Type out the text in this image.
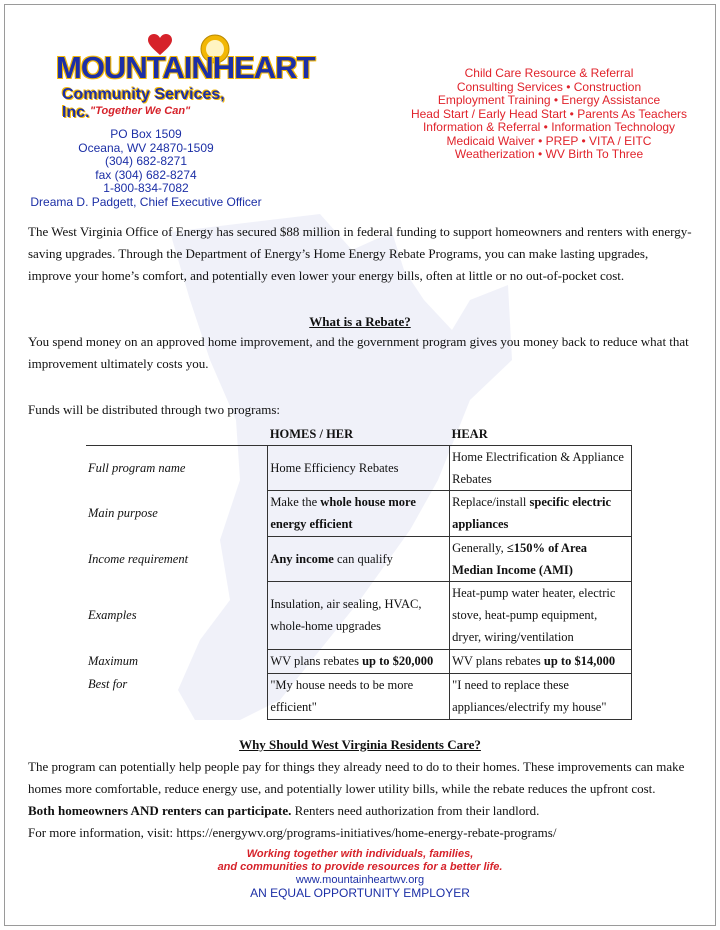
MOUNTAINHEART
Community Services, Inc. "Together We Can"
PO Box 1509
Oceana, WV 24870-1509
(304) 682-8271
fax (304) 682-8274
1-800-834-7082
Dreama D. Padgett, Chief Executive Officer
Child Care Resource & Referral
Consulting Services • Construction
Employment Training • Energy Assistance
Head Start / Early Head Start • Parents As Teachers
Information & Referral • Information Technology
Medicaid Waiver • PREP • VITA / EITC
Weatherization • WV Birth To Three
The West Virginia Office of Energy has secured $88 million in federal funding to support homeowners and renters with energy-saving upgrades. Through the Department of Energy’s Home Energy Rebate Programs, you can make lasting upgrades, improve your home’s comfort, and potentially even lower your energy bills, often at little or no out-of-pocket cost.
What is a Rebate?
You spend money on an approved home improvement, and the government program gives you money back to reduce what that improvement ultimately costs you.
Funds will be distributed through two programs:
	HOMES / HER	HEAR
Full program name	Home Efficiency Rebates	Home Electrification & Appliance Rebates
Main purpose	Make the whole house more energy efficient	Replace/install specific electric appliances
Income requirement	Any income can qualify	Generally, ≤150% of Area Median Income (AMI)
Examples	Insulation, air sealing, HVAC, whole-home upgrades	Heat-pump water heater, electric stove, heat-pump equipment, dryer, wiring/ventilation
Maximum	WV plans rebates up to $20,000	WV plans rebates up to $14,000
Best for	"My house needs to be more efficient"	"I need to replace these appliances/electrify my house"
Why Should West Virginia Residents Care?
The program can potentially help people pay for things they already need to do to their homes. These improvements can make homes more comfortable, reduce energy use, and potentially lower utility bills, while the rebate reduces the upfront cost.
Both homeowners AND renters can participate. Renters need authorization from their landlord.
For more information, visit: https://energywv.org/programs-initiatives/home-energy-rebate-programs/
Working together with individuals, families,
and communities to provide resources for a better life.
www.mountainheartwv.org
AN EQUAL OPPORTUNITY EMPLOYER
